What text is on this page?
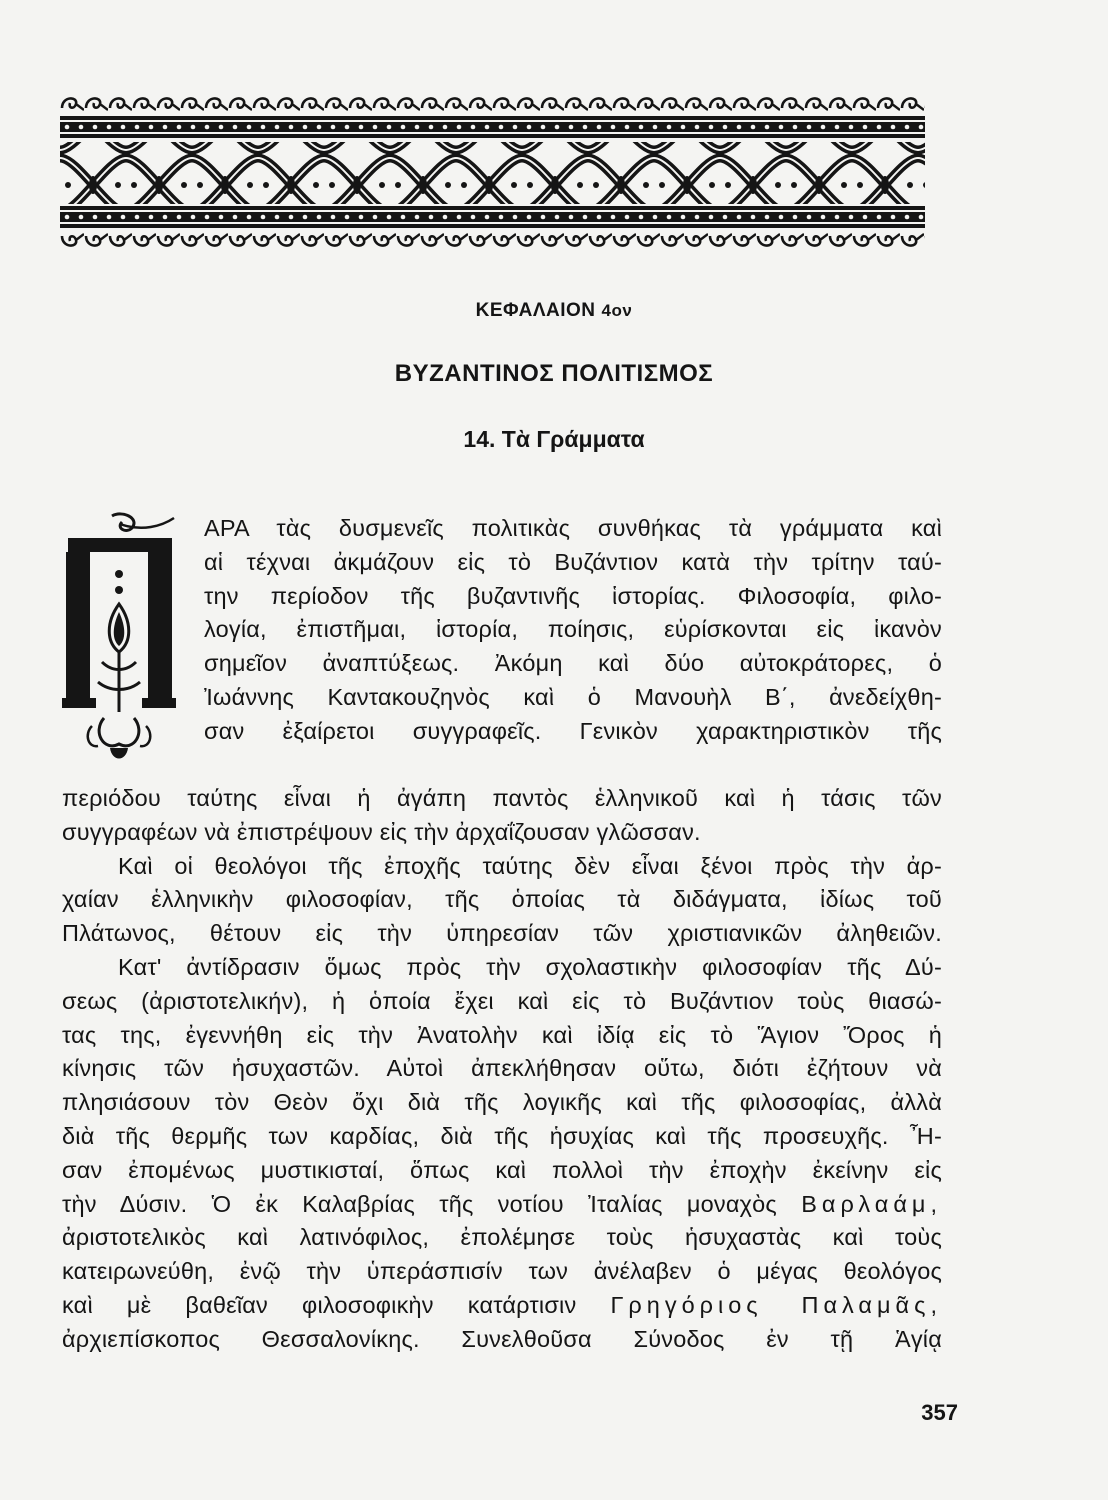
ΚΕΦΑΛΑΙΟΝ 4ον
ΒΥΖΑΝΤΙΝΟΣ ΠΟΛΙΤΙΣΜΟΣ
14. Τὰ Γράμματα
ΑΡΑ τὰς δυσμενεῖς πολιτικὰς συνθήκας τὰ γράμματα καὶ
αἱ τέχναι ἀκμάζουν εἰς τὸ Βυζάντιον κατὰ τὴν τρίτην ταύ-
την περίοδον τῆς βυζαντινῆς ἱστορίας. Φιλοσοφία, φιλο-
λογία, ἐπιστῆμαι, ἱστορία, ποίησις, εὑρίσκονται εἰς ἱκανὸν
σημεῖον ἀναπτύξεως. Ἀκόμη καὶ δύο αὐτοκράτορες, ὁ
Ἰωάννης Καντακουζηνὸς καὶ ὁ Μανουὴλ Β΄, ἀνεδείχθη-
σαν ἐξαίρετοι συγγραφεῖς. Γενικὸν χαρακτηριστικὸν τῆς
περιόδου ταύτης εἶναι ἡ ἀγάπη παντὸς ἑλληνικοῦ καὶ ἡ τάσις τῶν
συγγραφέων νὰ ἐπιστρέψουν εἰς τὴν ἀρχαΐζουσαν γλῶσσαν.
Καὶ οἱ θεολόγοι τῆς ἐποχῆς ταύτης δὲν εἶναι ξένοι πρὸς τὴν ἀρ-
χαίαν ἑλληνικὴν φιλοσοφίαν, τῆς ὁποίας τὰ διδάγματα, ἰδίως τοῦ
Πλάτωνος, θέτουν εἰς τὴν ὑπηρεσίαν τῶν χριστιανικῶν ἀληθειῶν.
Κατ' ἀντίδρασιν ὅμως πρὸς τὴν σχολαστικὴν φιλοσοφίαν τῆς Δύ-
σεως (ἀριστοτελικήν), ἡ ὁποία ἔχει καὶ εἰς τὸ Βυζάντιον τοὺς θιασώ-
τας της, ἐγεννήθη εἰς τὴν Ἀνατολὴν καὶ ἰδίᾳ εἰς τὸ Ἅγιον Ὄρος ἡ
κίνησις τῶν ἡσυχαστῶν. Αὐτοὶ ἀπεκλήθησαν οὕτω, διότι ἐζήτουν νὰ
πλησιάσουν τὸν Θεὸν ὄχι διὰ τῆς λογικῆς καὶ τῆς φιλοσοφίας, ἀλλὰ
διὰ τῆς θερμῆς των καρδίας, διὰ τῆς ἡσυχίας καὶ τῆς προσευχῆς. Ἦ-
σαν ἐπομένως μυστικισταί, ὅπως καὶ πολλοὶ τὴν ἐποχὴν ἐκείνην εἰς
τὴν Δύσιν. Ὁ ἐκ Καλαβρίας τῆς νοτίου Ἰταλίας μοναχὸς Βαρλαάμ,
ἀριστοτελικὸς καὶ λατινόφιλος, ἐπολέμησε τοὺς ἡσυχαστὰς καὶ τοὺς
κατειρωνεύθη, ἐνῷ τὴν ὑπεράσπισίν των ἀνέλαβεν ὁ μέγας θεολόγος
καὶ μὲ βαθεῖαν φιλοσοφικὴν κατάρτισιν Γρηγόριος Παλαμᾶς,
ἀρχιεπίσκοπος Θεσσαλονίκης. Συνελθοῦσα Σύνοδος ἐν τῇ Ἁγίᾳ
357
